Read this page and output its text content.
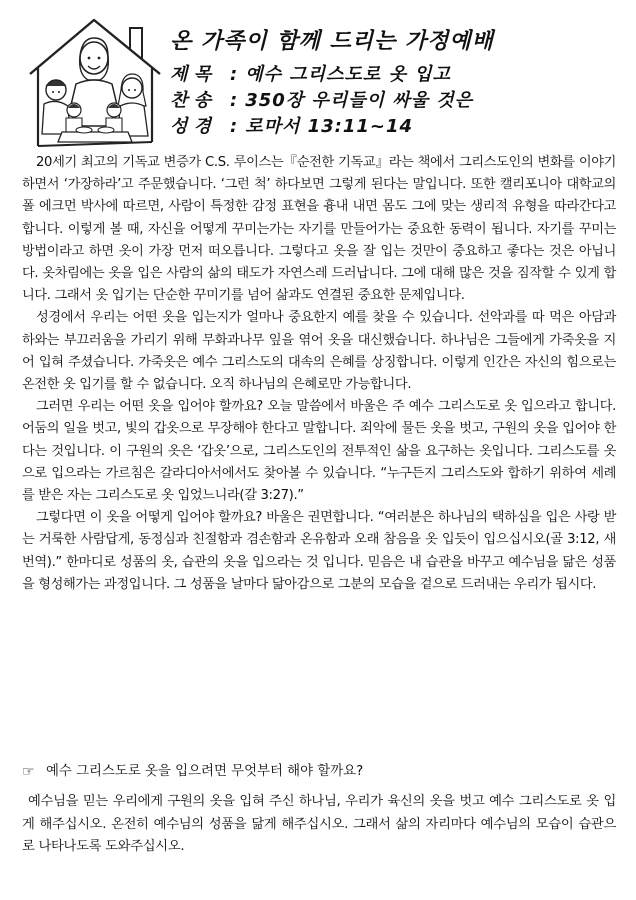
온 가족이 함께 드리는 가정예배
제 목	: 예수 그리스도로 옷 입고
찬 송	: 350장 우리들이 싸울 것은
성 경	: 로마서 13:11~14

20세기 최고의 기독교 변증가 C.S. 루이스는『순전한 기독교』라는 책에서 그리스도인의 변화를 이야기하면서 ‘가장하라’고 주문했습니다. ‘그런 척’ 하다보면 그렇게 된다는 말입니다. 또한 캘리포니아 대학교의 폴 에크먼 박사에 따르면, 사람이 특정한 감정 표현을 흉내 내면 몸도 그에 맞는 생리적 유형을 따라간다고 합니다. 이렇게 볼 때, 자신을 어떻게 꾸미는가는 자기를 만들어가는 중요한 동력이 됩니다. 자기를 꾸미는 방법이라고 하면 옷이 가장 먼저 떠오릅니다. 그렇다고 옷을 잘 입는 것만이 중요하고 좋다는 것은 아닙니다. 옷차림에는 옷을 입은 사람의 삶의 태도가 자연스레 드러납니다. 그에 대해 많은 것을 짐작할 수 있게 합니다. 그래서 옷 입기는 단순한 꾸미기를 넘어 삶과도 연결된 중요한 문제입니다.

성경에서 우리는 어떤 옷을 입는지가 얼마나 중요한지 예를 찾을 수 있습니다. 선악과를 따 먹은 아담과 하와는 부끄러움을 가리기 위해 무화과나무 잎을 엮어 옷을 대신했습니다. 하나님은 그들에게 가죽옷을 지어 입혀 주셨습니다. 가죽옷은 예수 그리스도의 대속의 은혜를 상징합니다. 이렇게 인간은 자신의 힘으로는 온전한 옷 입기를 할 수 없습니다. 오직 하나님의 은혜로만 가능합니다.

그러면 우리는 어떤 옷을 입어야 할까요? 오늘 말씀에서 바울은 주 예수 그리스도로 옷 입으라고 합니다. 어둠의 일을 벗고, 빛의 갑옷으로 무장해야 한다고 말합니다. 죄악에 물든 옷을 벗고, 구원의 옷을 입어야 한다는 것입니다. 이 구원의 옷은 ‘갑옷’으로, 그리스도인의 전투적인 삶을 요구하는 옷입니다. 그리스도를 옷으로 입으라는 가르침은 갈라디아서에서도 찾아볼 수 있습니다. “누구든지 그리스도와 합하기 위하여 세례를 받은 자는 그리스도로 옷 입었느니라(갈 3:27).”

그렇다면 이 옷을 어떻게 입어야 할까요? 바울은 권면합니다. “여러분은 하나님의 택하심을 입은 사랑 받는 거룩한 사람답게, 동정심과 친절함과 겸손함과 온유함과 오래 참음을 옷 입듯이 입으십시오(골 3:12, 새번역).” 한마디로 성품의 옷, 습관의 옷을 입으라는 것 입니다. 믿음은 내 습관을 바꾸고 예수님을 닮은 성품을 형성해가는 과정입니다. 그 성품을 날마다 닮아감으로 그분의 모습을 겉으로 드러내는 우리가 됩시다.

☞ 예수 그리스도로 옷을 입으려면 무엇부터 해야 할까요?

예수님을 믿는 우리에게 구원의 옷을 입혀 주신 하나님, 우리가 육신의 옷을 벗고 예수 그리스도로 옷 입게 해주십시오. 온전히 예수님의 성품을 닮게 해주십시오. 그래서 삶의 자리마다 예수님의 모습이 습관으로 나타나도록 도와주십시오.
